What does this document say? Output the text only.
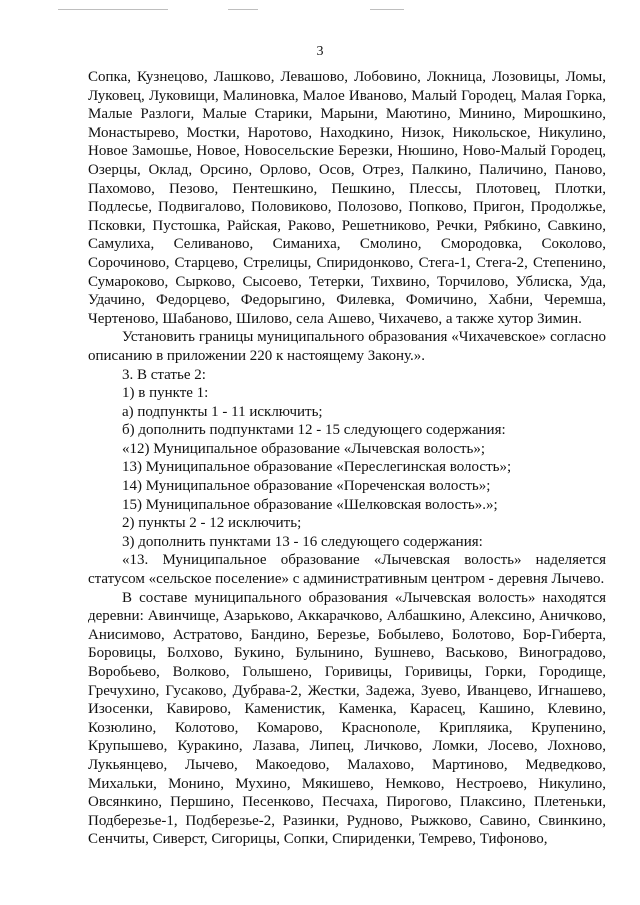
3

Сопка, Кузнецово, Лашково, Левашово, Лобовино, Локница, Лозовицы, Ломы, Луковец, Луковищи, Малиновка, Малое Иваново, Малый Городец, Малая Горка, Малые Разлоги, Малые Старики, Марыни, Маютино, Минино, Мирошкино, Монастырево, Мостки, Наротово, Находкино, Низок, Никольское, Никулино, Новое Замошье, Новое, Новосельские Березки, Нюшино, Ново-Малый Городец, Озерцы, Оклад, Орсино, Орлово, Осов, Отрез, Палкино, Паличино, Паново, Пахомово, Пезово, Пентешкино, Пешкино, Плессы, Плотовец, Плотки, Подлесье, Подвигалово, Половиково, Полозово, Попково, Пригон, Продолжье, Псковки, Пустошка, Райская, Раково, Решетниково, Речки, Рябкино, Савкино, Самулиха, Селиваново, Симаниха, Смолино, Смородовка, Соколово, Сорочиново, Старцево, Стрелицы, Спиридонково, Стега-1, Стега-2, Степенино, Сумароково, Сырково, Сысоево, Тетерки, Тихвино, Торчилово, Ублиска, Уда, Удачино, Федорцево, Федорыгино, Филевка, Фомичино, Хабни, Черемша, Чертеново, Шабаново, Шилово, села Ашево, Чихачево, а также хутор Зимин.

Установить границы муниципального образования «Чихачевское» согласно описанию в приложении 220 к настоящему Закону.».

3. В статье 2:

1) в пункте 1:

а) подпункты 1 - 11 исключить;

б) дополнить подпунктами 12 - 15 следующего содержания:

«12) Муниципальное образование «Лычевская волость»;

13) Муниципальное образование «Переслегинская волость»;

14) Муниципальное образование «Пореченская волость»;

15) Муниципальное образование «Шелковская волость».»;

2) пункты 2 - 12 исключить;

3) дополнить пунктами 13 - 16 следующего содержания:

«13. Муниципальное образование «Лычевская волость» наделяется статусом «сельское поселение» с административным центром - деревня Лычево.

В составе муниципального образования «Лычевская волость» находятся деревни: Авинчище, Азарьково, Аккарачково, Албашкино, Алексино, Аничково, Анисимово, Астратово, Бандино, Березье, Бобылево, Болотово, Бор-Гиберта, Боровицы, Болхово, Букино, Булынино, Бушнево, Васьково, Виноградово, Воробьево, Волково, Голышено, Горивицы, Горивицы, Горки, Городище, Гречухино, Гусаково, Дубрава-2, Жестки, Задежа, Зуево, Иванцево, Игнашево, Изосенки, Кавирово, Каменистик, Каменка, Карасец, Кашино, Клевино, Козюлино, Колотово, Комарово, Красноnоле, Крипляика, Крупенино, Крупышево, Куракино, Лазава, Липец, Личково, Ломки, Лосево, Лохново, Лукьянцево, Лычево, Макоедово, Малахово, Мартиново, Медведково, Михальки, Монино, Мухино, Мякишево, Немково, Нестроево, Никулино, Овсянкино, Першино, Песенково, Песчаха, Пирогово, Плаксино, Плетеньки, Подберезье-1, Подберезье-2, Разинки, Рудново, Рыжково, Савино, Свинкино, Сенчиты, Сиверст, Сигорицы, Сопки, Спириденки, Темрево, Тифоново,
